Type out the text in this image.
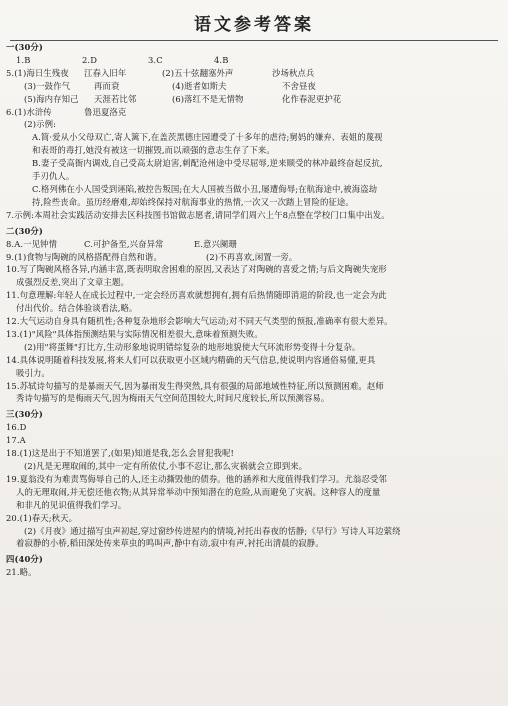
语文参考答案
一(30分)
1.B	2.D	3.C	4.B
5.(1)海日生残夜 江春入旧年	(2)五十弦翻塞外声	沙场秋点兵
(3)一鼓作气	再而衰	(4)逝者如斯夫	不舍昼夜
(5)海内存知己 天涯若比邻	(6)落红不是无情物	化作春泥更护花
6.(1)水浒传	鲁迅夏洛克
(2)示例:
A.简·爱从小父母双亡,寄人篱下,在盖茨黑德庄园遭受了十多年的虐待;舅妈的嫌弃、表姐的蔑视
和表哥的毒打,她没有被这一切摧毁,而以顽强的意志生存了下来。
B.妻子受高衙内调戏,自己受高太尉迫害,刺配沧州途中受尽屈辱,逆来顺受的林冲最终奋起反抗,
手刃仇人。
C.格列佛在小人国受到诬陷,被控告叛国;在大人国被当做小丑,屡遭侮辱;在航海途中,被海盗劫
持,险些丧命。虽历经磨难,却始终保持对航海事业的热情,一次又一次踏上冒险的征途。
7.示例:本周社会实践活动安排去区科技图书馆做志愿者,请同学们周六上午8点整在学校门口集中出发。
二(30分)
8.A.一见钟情	C.可护备至,兴奋异常	E.意兴阑珊
9.(1)食物与陶碗的风格搭配得自然和谐。	(2)不再喜欢,闲置一旁。
10.写了陶碗风格各异,内涵丰富,既表明取舍困难的原因,又表达了对陶碗的喜爱之情;与后文陶碗失宠形
成强烈反差,突出了文章主题。
11.句意理解:年轻人在成长过程中,一定会经历喜欢就想拥有,拥有后热情随即消退的阶段,也一定会为此
付出代价。结合体验谈看法,略。
12.大气运动自身具有随机性;各种复杂地形会影响大气运动;对不同天气类型的预报,准确率有很大差异。
13.(1)"风险"具体指预测结果与实际情况相差很大,意味着预测失败。
(2)用"将蛋舞"打比方,生动形象地说明错综复杂的地形地貌使大气环流形势变得十分复杂。
14.具体说明随着科技发展,将来人们可以获取更小区域内精确的天气信息,使说明内容通俗易懂,更具
吸引力。
15.苏轼诗句描写的是暴雨天气,因为暴雨发生得突然,具有很强的局部地域性特征,所以预测困难。赵师
秀诗句描写的是梅雨天气,因为梅雨天气空间范围较大,时间尺度较长,所以预测容易。
三(30分)
16.D
17.A
18.(1)这是出于不知道罢了,(如果)知道是我,怎么会冒犯我呢!
(2)凡是无理取闹的,其中一定有所依仗,小事不忍让,那么灾祸就会立即到来。
19.夏翁没有为难责骂侮辱自己的人,还主动撕毁他的债券。他的涵养和大度值得我们学习。尤翁忍受邻
人的无理取闹,并无偿还他衣物;从其异常举动中预知潜在的危险,从而避免了灾祸。这种容人的度量
和非凡的见识值得我们学习。
20.(1)春天;秋天。
(2)《月夜》通过描写虫声初起,穿过窗纱传进屋内的情境,衬托出春夜的恬静;《早行》写诗人耳边萦绕
着寂静的小桥,稻田深处传来草虫的鸣叫声,静中有动,寂中有声,衬托出清晨的寂静。
四(40分)
21.略。
